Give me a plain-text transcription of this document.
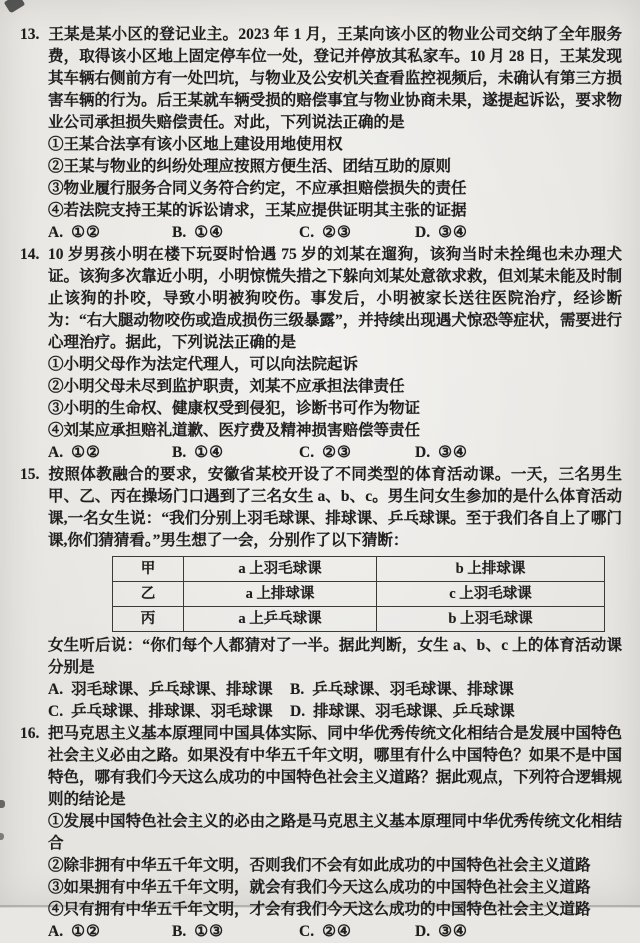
13. 王某是某小区的登记业主。2023 年 1 月，王某向该小区的物业公司交纳了全年服务费，取得该小区地上固定停车位一处，登记并停放其私家车。10 月 28 日，王某发现其车辆右侧前方有一处凹坑，与物业及公安机关查看监控视频后，未确认有第三方损害车辆的行为。后王某就车辆受损的赔偿事宜与物业协商未果，遂提起诉讼，要求物业公司承担损失赔偿责任。对此，下列说法正确的是
①王某合法享有该小区地上建设用地使用权
②王某与物业的纠纷处理应按照方便生活、团结互助的原则
③物业履行服务合同义务符合约定，不应承担赔偿损失的责任
④若法院支持王某的诉讼请求，王某应提供证明其主张的证据
A. ①②	B. ①④	C. ②③	D. ③④
14. 10 岁男孩小明在楼下玩耍时恰遇 75 岁的刘某在遛狗，该狗当时未拴绳也未办理犬证。该狗多次靠近小明，小明惊慌失措之下躲向刘某处意欲求救，但刘某未能及时制止该狗的扑咬，导致小明被狗咬伤。事发后，小明被家长送往医院治疗，经诊断为：“右大腿动物咬伤或造成损伤三级暴露”，并持续出现遇犬惊恐等症状，需要进行心理治疗。据此，下列说法正确的是
①小明父母作为法定代理人，可以向法院起诉
②小明父母未尽到监护职责，刘某不应承担法律责任
③小明的生命权、健康权受到侵犯，诊断书可作为物证
④刘某应承担赔礼道歉、医疗费及精神损害赔偿等责任
A. ①②	B. ①④	C. ②③	D. ③④
15. 按照体教融合的要求，安徽省某校开设了不同类型的体育活动课。一天，三名男生甲、乙、丙在操场门口遇到了三名女生 a、b、c。男生问女生参加的是什么体育活动课,一名女生说：“我们分别上羽毛球课、排球课、乒乓球课。至于我们各自上了哪门课,你们猜猜看。”男生想了一会，分别作了以下猜断：
甲	a 上羽毛球课	b 上排球课
乙	a 上排球课	c 上羽毛球课
丙	a 上乒乓球课	b 上羽毛球课
女生听后说：“你们每个人都猜对了一半。据此判断，女生 a、b、c 上的体育活动课分别是
A. 羽毛球课、乒乓球课、排球课	B. 乒乓球课、羽毛球课、排球课
C. 乒乓球课、排球课、羽毛球课	D. 排球课、羽毛球课、乒乓球课
16. 把马克思主义基本原理同中国具体实际、同中华优秀传统文化相结合是发展中国特色社会主义必由之路。如果没有中华五千年文明，哪里有什么中国特色？如果不是中国特色，哪有我们今天这么成功的中国特色社会主义道路？据此观点，下列符合逻辑规则的结论是
①发展中国特色社会主义的必由之路是马克思主义基本原理同中华优秀传统文化相结合
②除非拥有中华五千年文明，否则我们不会有如此成功的中国特色社会主义道路
③如果拥有中华五千年文明，就会有我们今天这么成功的中国特色社会主义道路
④只有拥有中华五千年文明，才会有我们今天这么成功的中国特色社会主义道路
A. ①②	B. ①③	C. ②④	D. ③④
